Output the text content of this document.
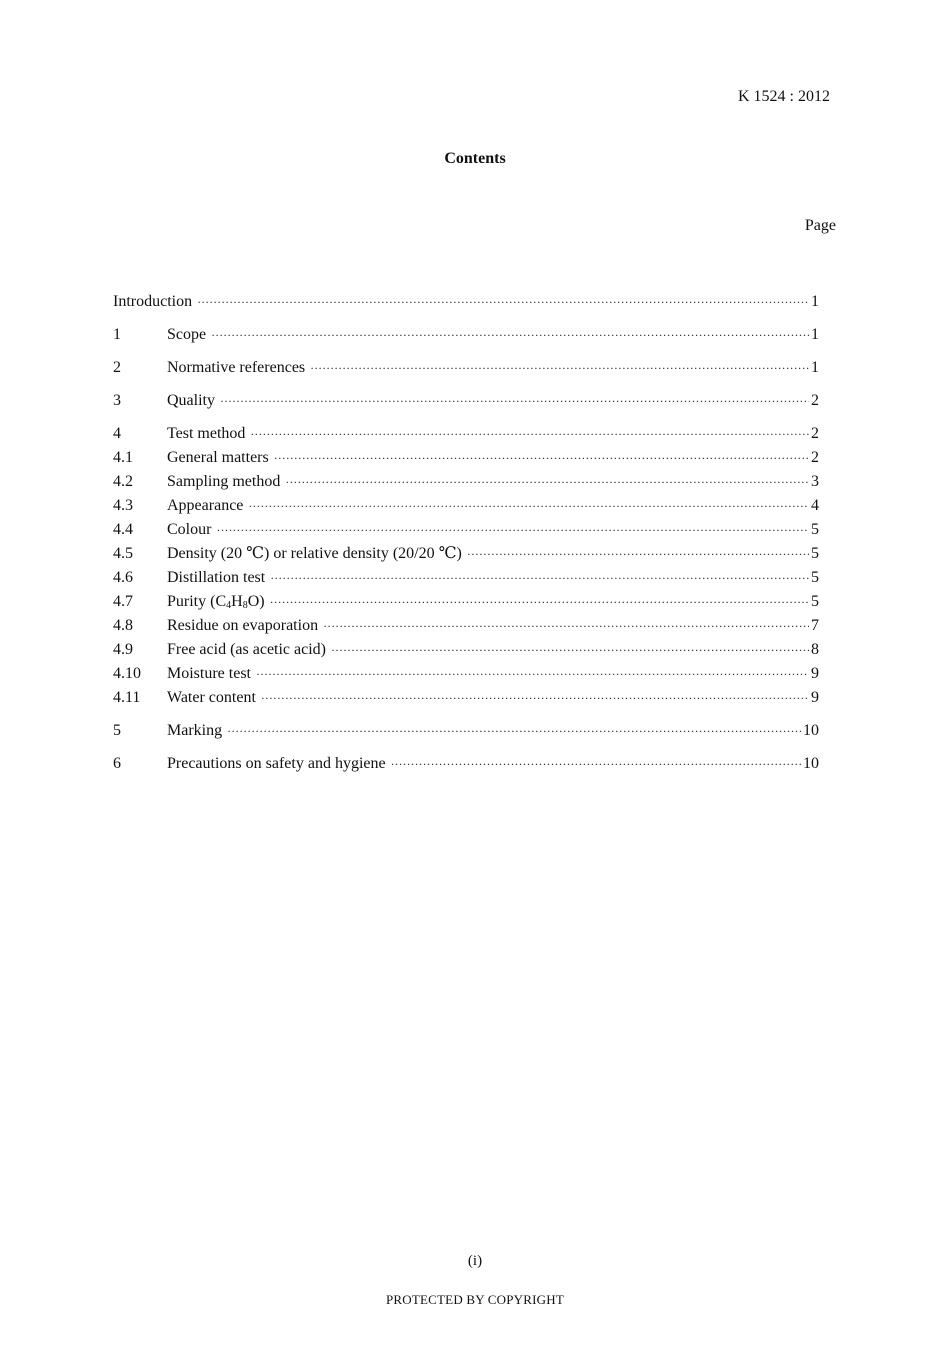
K 1524 : 2012
Contents
Page
Introduction ·····	1
1	Scope ·····	1
2	Normative references ·····	1
3	Quality ·····	2
4	Test method ·····	2
4.1	General matters ·····	2
4.2	Sampling method ·····	3
4.3	Appearance ·····	4
4.4	Colour ·····	5
4.5	Density (20 ℃) or relative density (20/20 ℃) ·····	5
4.6	Distillation test ·····	5
4.7	Purity $(C_4H_8O)$ ·····	5
4.8	Residue on evaporation ·····	7
4.9	Free acid (as acetic acid) ·····	8
4.10	Moisture test ·····	9
4.11	Water content ·····	9
5	Marking ·····	10
6	Precautions on safety and hygiene ·····	10
(i)
PROTECTED BY COPYRIGHT
